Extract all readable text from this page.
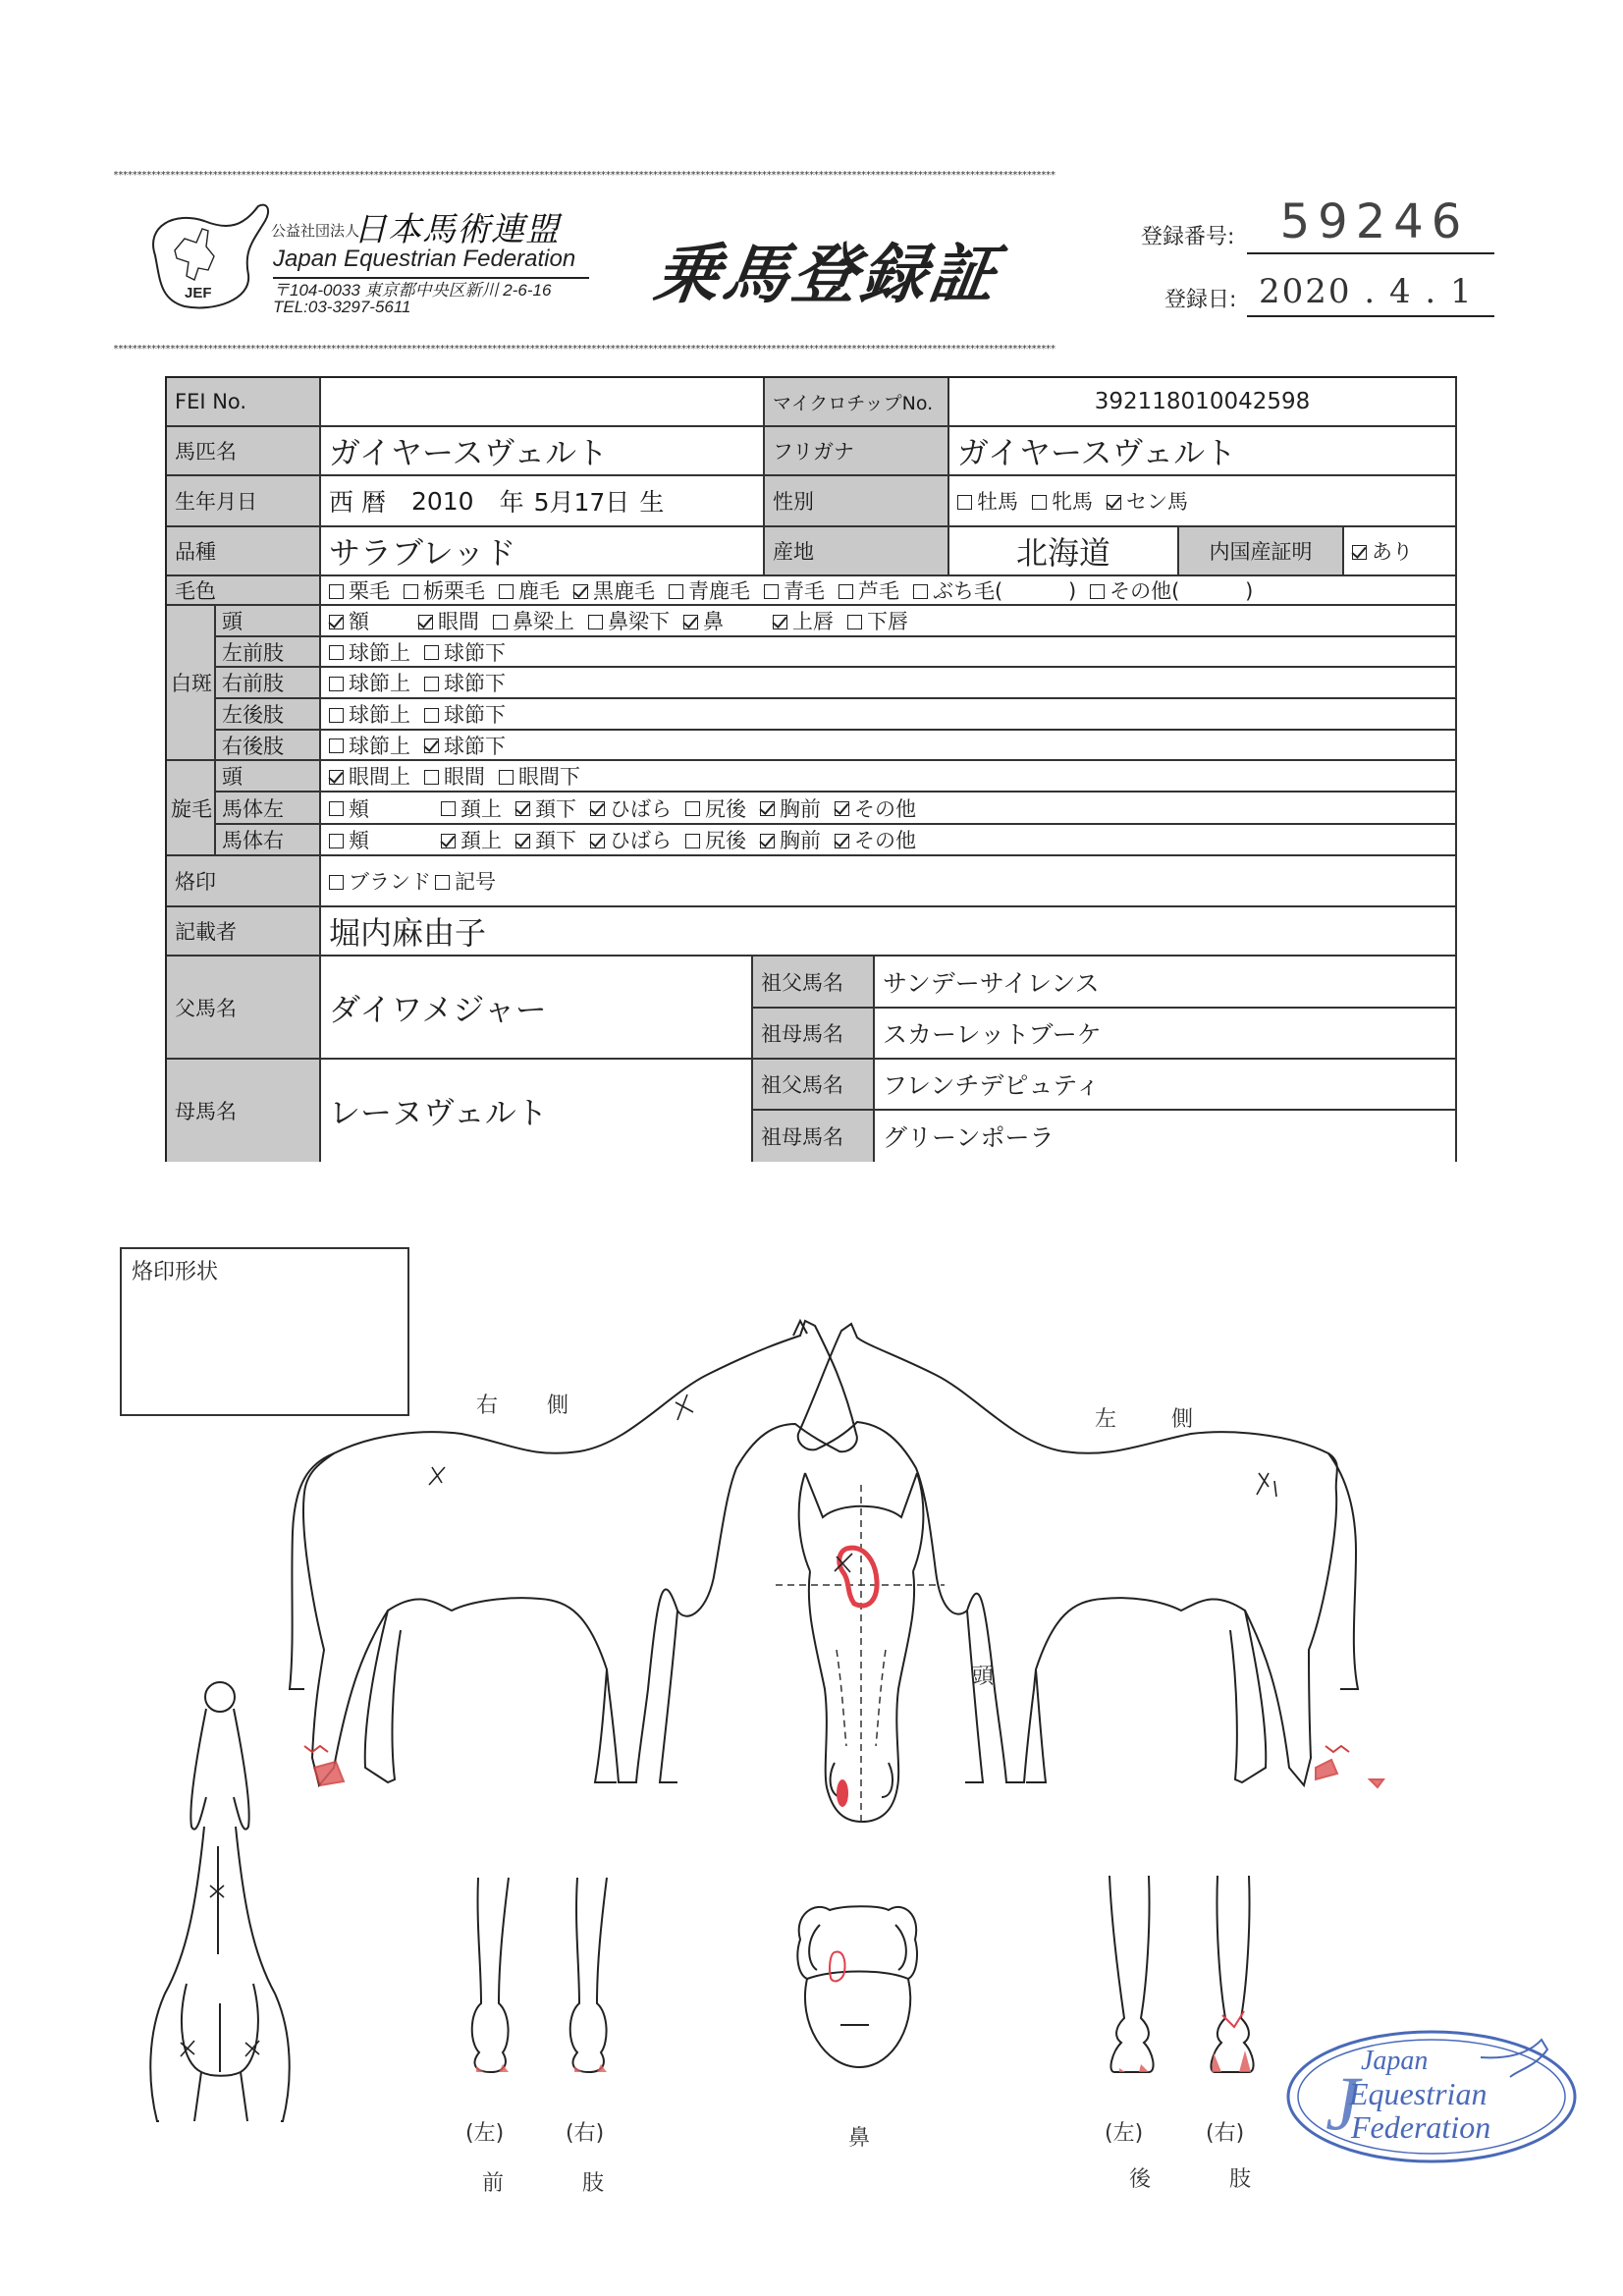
*******************************************************************************************************************************************************************************************************
JEF
公益社団法人
日本馬術連盟
Japan Equestrian Federation
〒104-0033 東京都中央区新川 2-6-16
TEL:03-3297-5611	乗馬登録証	登録番号: 59246
登録日: 2020 . 4 . 1
*******************************************************************************************************************************************************************************************************
FEI No.	マイクロチップNo.	392118010042598
馬匹名	ガイヤースヴェルト	フリガナ	ガイヤースヴェルト
生年月日	西 暦 2010 年 5月17日 生	性別	牡馬 牝馬 セン馬
品種	サラブレッド	産地	北海道	内国産証明	あり
毛色	栗毛 栃栗毛 鹿毛 黒鹿毛 青鹿毛 青毛 芦毛 ぶち毛(          ) その他(          )
白斑
頭	額	眼間 鼻梁上 鼻梁下 鼻	上唇 下唇
左前肢	球節上 球節下
右前肢	球節上 球節下
左後肢	球節上 球節下
右後肢	球節上 球節下
旋毛
頭	眼間上 眼間 眼間下
馬体左	頬	頚上 頚下 ひばら 尻後 胸前 その他
馬体右	頬	頚上 頚下 ひばら 尻後 胸前 その他
烙印	ブランド 記号
記載者	堀内麻由子
父馬名	ダイワメジャー
祖父馬名	サンデーサイレンス
祖母馬名	スカーレットブーケ
母馬名	レーヌヴェルト
祖父馬名	フレンチデピュティ
祖母馬名	グリーンポーラ
烙印形状
右 側
左	側
頭
鼻
(左)	(右)
前	肢
(左)	(右)
後	肢
J Japan
Equestrian
Federation
